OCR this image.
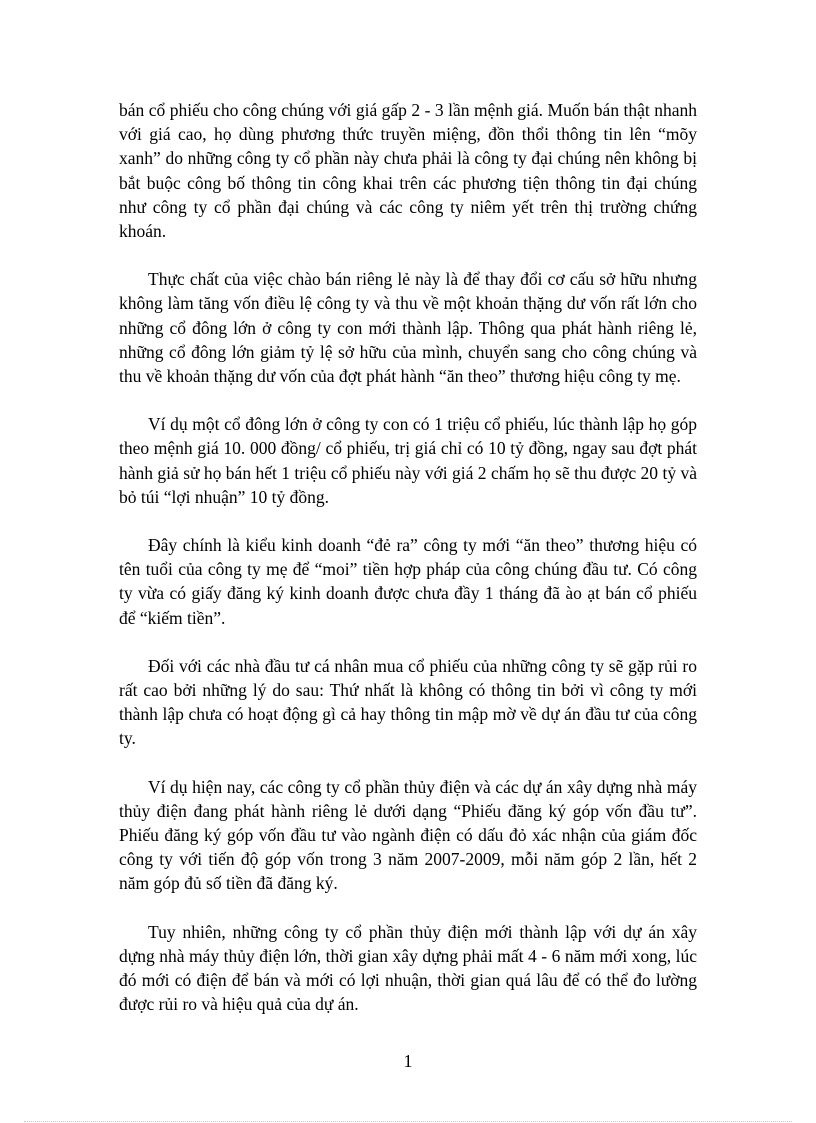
bán cổ phiếu cho công chúng với giá gấp 2 - 3 lần mệnh giá. Muốn bán thật nhanh với giá cao, họ dùng phương thức truyền miệng, đồn thổi thông tin lên “mõy xanh” do những công ty cổ phần này chưa phải là công ty đại chúng nên không bị bắt buộc công bố thông tin công khai trên các phương tiện thông tin đại chúng như công ty cổ phần đại chúng và các công ty niêm yết trên thị trường chứng khoán.

Thực chất của việc chào bán riêng lẻ này là để thay đổi cơ cấu sở hữu nhưng không làm tăng vốn điều lệ công ty và thu về một khoản thặng dư vốn rất lớn cho những cổ đông lớn ở công ty con mới thành lập. Thông qua phát hành riêng lẻ, những cổ đông lớn giảm tỷ lệ sở hữu của mình, chuyển sang cho công chúng và thu về khoản thặng dư vốn của đợt phát hành “ăn theo” thương hiệu công ty mẹ.

Ví dụ một cổ đông lớn ở công ty con có 1 triệu cổ phiếu, lúc thành lập họ góp theo mệnh giá 10. 000 đồng/ cổ phiếu, trị giá chỉ có 10 tỷ đồng, ngay sau đợt phát hành giả sử họ bán hết 1 triệu cổ phiếu này với giá 2 chấm họ sẽ thu được 20 tỷ và bỏ túi “lợi nhuận” 10 tỷ đồng.

Đây chính là kiểu kinh doanh “đẻ ra” công ty mới “ăn theo” thương hiệu có tên tuổi của công ty mẹ để “moi” tiền hợp pháp của công chúng đầu tư. Có công ty vừa có giấy đăng ký kinh doanh được chưa đầy 1 tháng đã ào ạt bán cổ phiếu để “kiếm tiền”.

Đối với các nhà đầu tư cá nhân mua cổ phiếu của những công ty sẽ gặp rủi ro rất cao bởi những lý do sau: Thứ nhất là không có thông tin bởi vì công ty mới thành lập chưa có hoạt động gì cả hay thông tin mập mờ về dự án đầu tư của công ty.

Ví dụ hiện nay, các công ty cổ phần thủy điện và các dự án xây dựng nhà máy thủy điện đang phát hành riêng lẻ dưới dạng “Phiếu đăng ký góp vốn đầu tư”. Phiếu đăng ký góp vốn đầu tư vào ngành điện có dấu đỏ xác nhận của giám đốc công ty với tiến độ góp vốn trong 3 năm 2007-2009, mỗi năm góp 2 lần, hết 2 năm góp đủ số tiền đã đăng ký.

Tuy nhiên, những công ty cổ phần thủy điện mới thành lập với dự án xây dựng nhà máy thủy điện lớn, thời gian xây dựng phải mất 4 - 6 năm mới xong, lúc đó mới có điện để bán và mới có lợi nhuận, thời gian quá lâu để có thể đo lường được rủi ro và hiệu quả của dự án.

1
